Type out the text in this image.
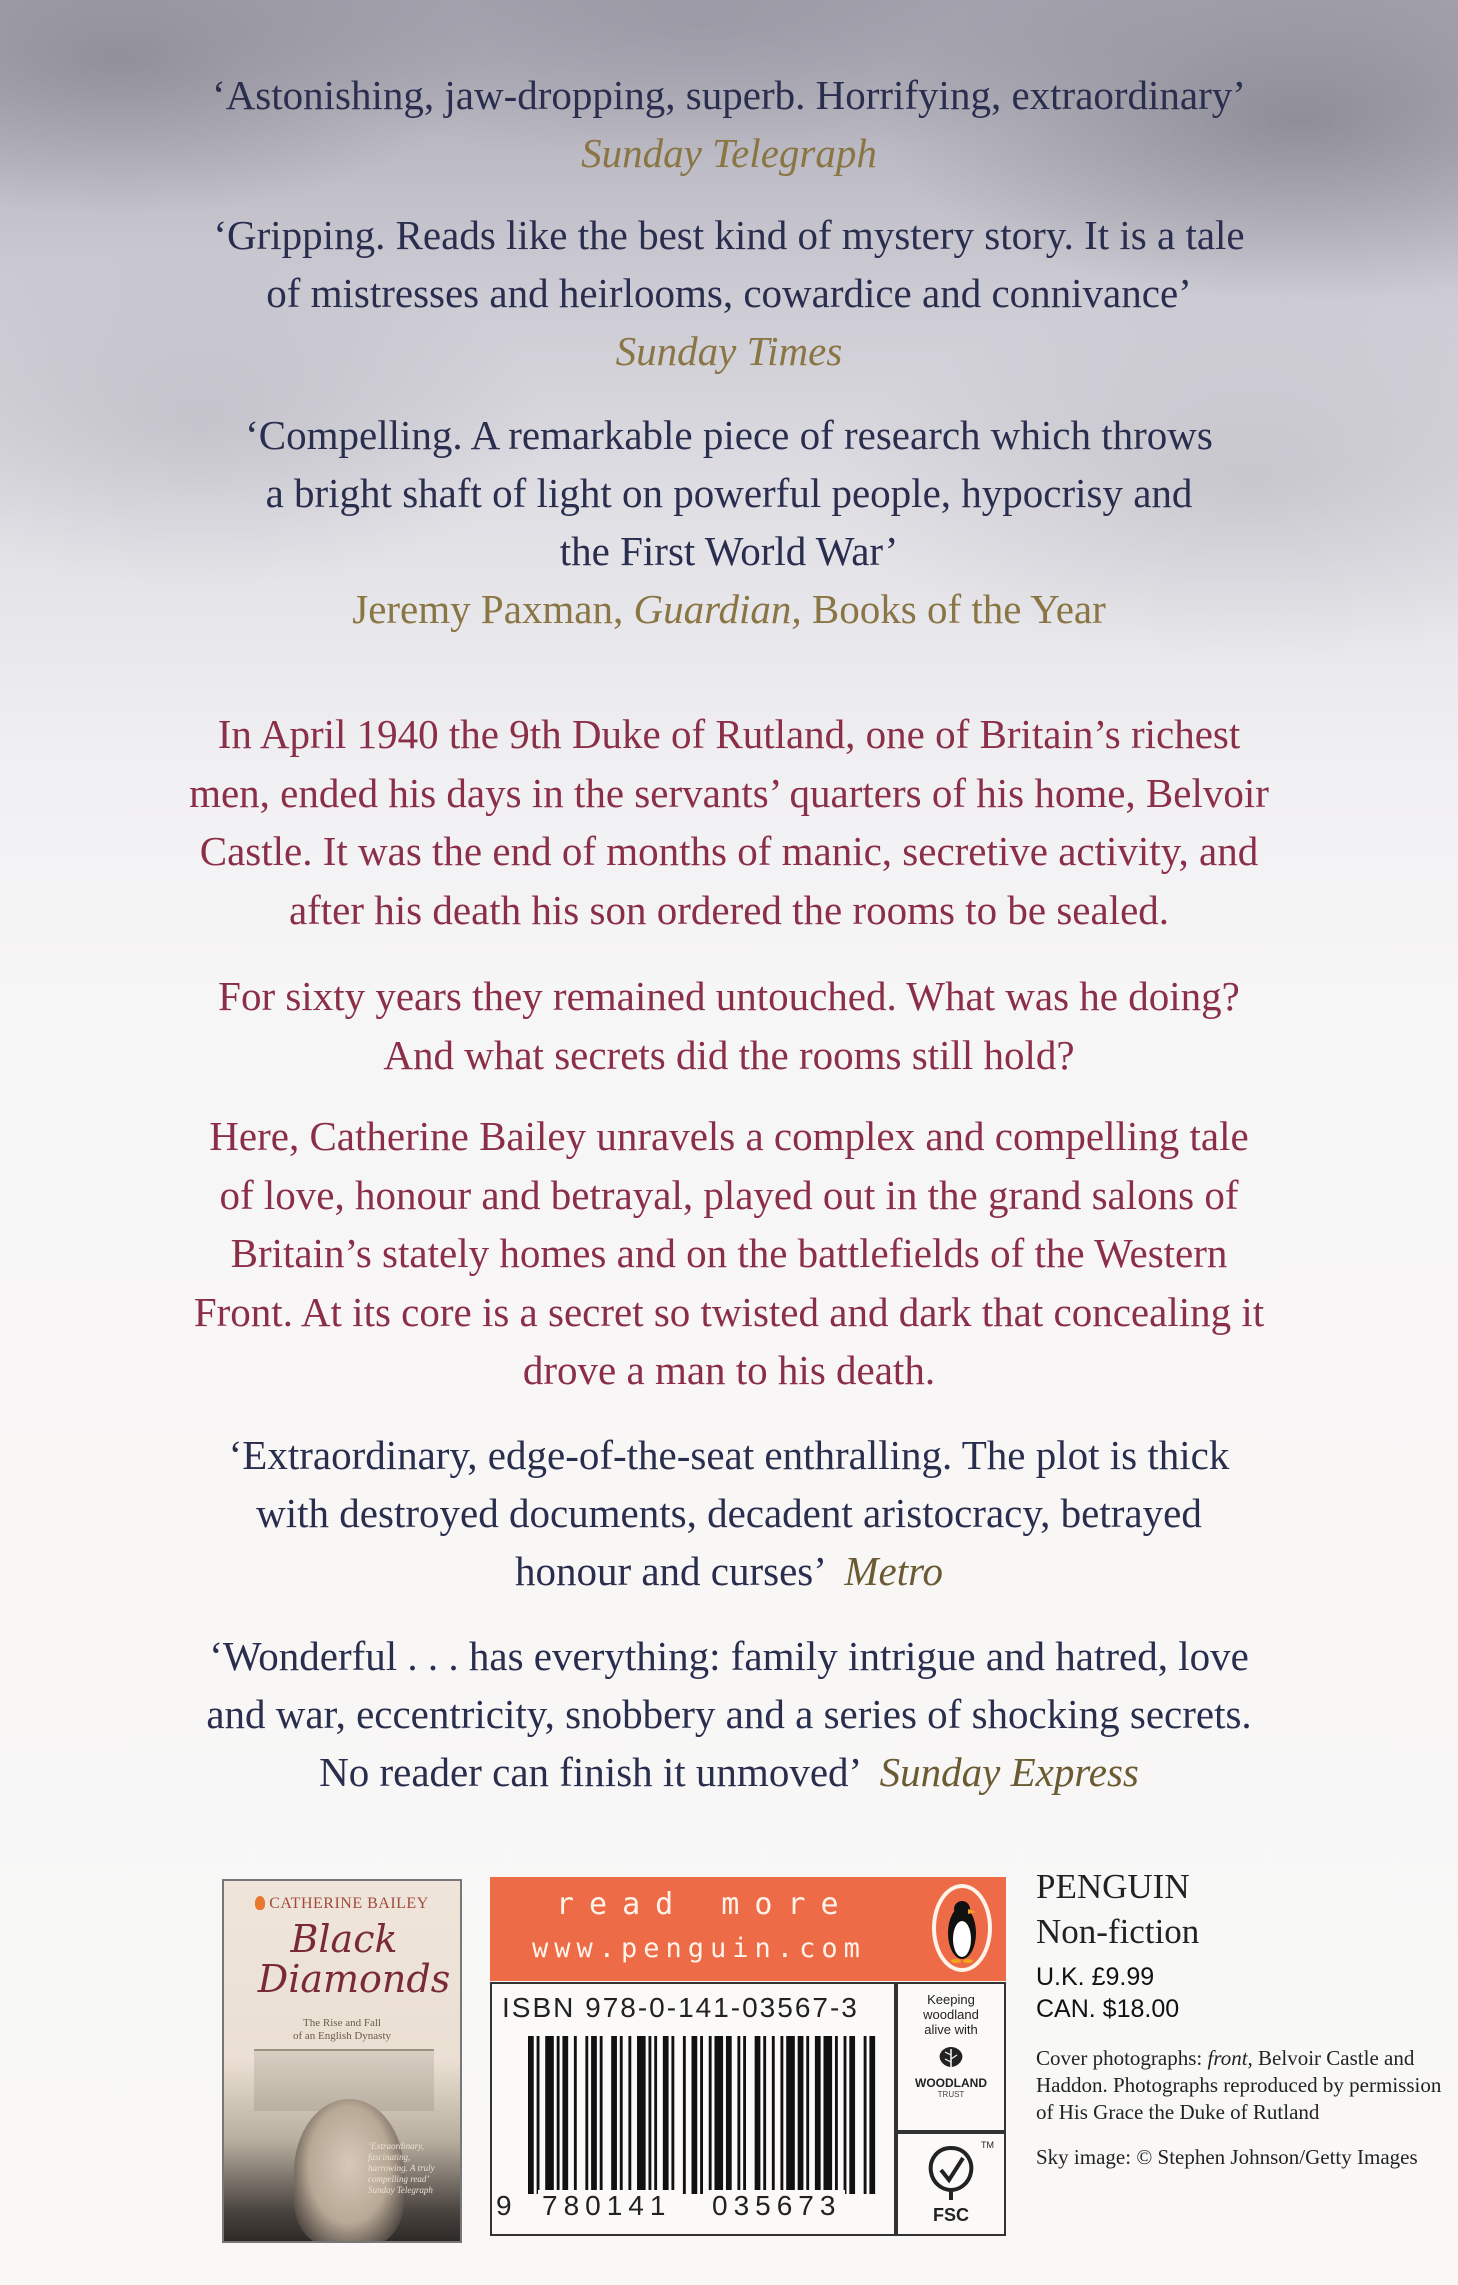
‘Astonishing, jaw-dropping, superb. Horrifying, extraordinary’
Sunday Telegraph
‘Gripping. Reads like the best kind of mystery story. It is a tale
of mistresses and heirlooms, cowardice and connivance’
Sunday Times
‘Compelling. A remarkable piece of research which throws
a bright shaft of light on powerful people, hypocrisy and
the First World War’
Jeremy Paxman, Guardian, Books of the Year
In April 1940 the 9th Duke of Rutland, one of Britain’s richest
men, ended his days in the servants’ quarters of his home, Belvoir
Castle. It was the end of months of manic, secretive activity, and
after his death his son ordered the rooms to be sealed.
For sixty years they remained untouched. What was he doing?
And what secrets did the rooms still hold?
Here, Catherine Bailey unravels a complex and compelling tale
of love, honour and betrayal, played out in the grand salons of
Britain’s stately homes and on the battlefields of the Western
Front. At its core is a secret so twisted and dark that concealing it
drove a man to his death.
‘Extraordinary, edge-of-the-seat enthralling. The plot is thick
with destroyed documents, decadent aristocracy, betrayed
honour and curses’ Metro
‘Wonderful . . . has everything: family intrigue and hatred, love
and war, eccentricity, snobbery and a series of shocking secrets.
No reader can finish it unmoved’ Sunday Express
CATHERINE BAILEY
Black
Diamonds
The Rise and Fall
of an English Dynasty
‘Extraordinary, fascinating, harrowing. A truly compelling read’ Sunday Telegraph
read more
www.penguin.com
ISBN 978-0-141-03567-3
9 780141 035673
Keeping
woodland
alive with
WOODLAND
TRUST
TM
FSC
PENGUIN
Non-fiction
U.K. £9.99
CAN. $18.00
Cover photographs: front, Belvoir Castle and Haddon. Photographs reproduced by permission of His Grace the Duke of Rutland
Sky image: © Stephen Johnson/Getty Images
